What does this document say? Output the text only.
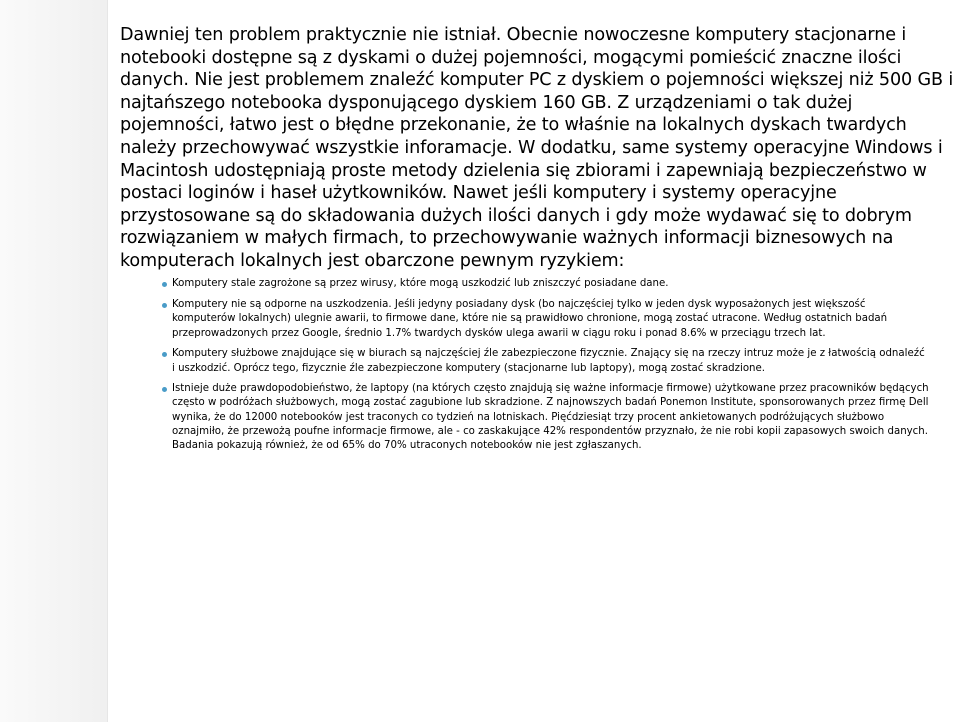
Dawniej ten problem praktycznie nie istniał. Obecnie nowoczesne komputery stacjonarne i notebooki dostępne są z dyskami o dużej pojemności, mogącymi pomieścić znaczne ilości danych. Nie jest problemem znaleźć komputer PC z dyskiem o pojemności większej niż 500 GB i najtańszego notebooka dysponującego dyskiem 160 GB. Z urządzeniami o tak dużej pojemności, łatwo jest o błędne przekonanie, że to właśnie na lokalnych dyskach twardych należy przechowywać wszystkie inforamacje. W dodatku, same systemy operacyjne Windows i Macintosh udostępniają proste metody dzielenia się zbiorami i zapewniają bezpieczeństwo w postaci loginów i haseł użytkowników. Nawet jeśli komputery i systemy operacyjne przystosowane są do składowania dużych ilości danych i gdy może wydawać się to dobrym rozwiązaniem w małych firmach, to przechowywanie ważnych informacji biznesowych na komputerach lokalnych jest obarczone pewnym ryzykiem:

Komputery stale zagrożone są przez wirusy, które mogą uszkodzić lub zniszczyć posiadane dane.
Komputery nie są odporne na uszkodzenia. Jeśli jedyny posiadany dysk (bo najczęściej tylko w jeden dysk wyposażonych jest większość komputerów lokalnych) ulegnie awarii, to firmowe dane, które nie są prawidłowo chronione, mogą zostać utracone. Według ostatnich badań przeprowadzonych przez Google, średnio 1.7% twardych dysków ulega awarii w ciągu roku i ponad 8.6% w przeciągu trzech lat.
Komputery służbowe znajdujące się w biurach są najczęściej źle zabezpieczone fizycznie. Znający się na rzeczy intruz może je z łatwością odnaleźć i uszkodzić. Oprócz tego, fizycznie źle zabezpieczone komputery (stacjonarne lub laptopy), mogą zostać skradzione.
Istnieje duże prawdopodobieństwo, że laptopy (na których często znajdują się ważne informacje firmowe) użytkowane przez pracowników będących często w podróżach służbowych, mogą zostać zagubione lub skradzione. Z najnowszych badań Ponemon Institute, sponsorowanych przez firmę Dell wynika, że do 12000 notebooków jest traconych co tydzień na lotniskach. Pięćdziesiąt trzy procent ankietowanych podróżujących służbowo oznajmiło, że przewożą poufne informacje firmowe, ale - co zaskakujące 42% respondentów przyznało, że nie robi kopii zapasowych swoich danych. Badania pokazują również, że od 65% do 70% utraconych notebooków nie jest zgłaszanych.
